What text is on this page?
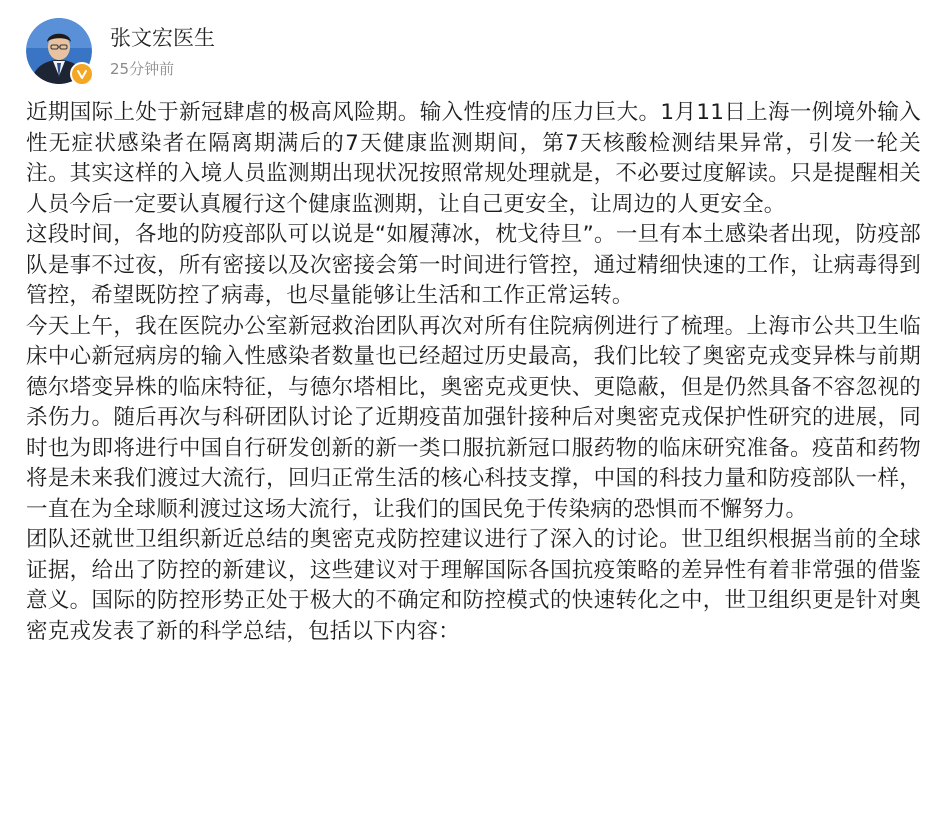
张文宏医生
25分钟前

近期国际上处于新冠肆虐的极高风险期。输入性疫情的压力巨大。1月11日上海一例境外输入性无症状感染者在隔离期满后的7天健康监测期间，第7天核酸检测结果异常，引发一轮关注。其实这样的入境人员监测期出现状况按照常规处理就是，不必要过度解读。只是提醒相关人员今后一定要认真履行这个健康监测期，让自己更安全，让周边的人更安全。

这段时间，各地的防疫部队可以说是“如履薄冰，枕戈待旦”。一旦有本土感染者出现，防疫部队是事不过夜，所有密接以及次密接会第一时间进行管控，通过精细快速的工作，让病毒得到管控，希望既防控了病毒，也尽量能够让生活和工作正常运转。

今天上午，我在医院办公室新冠救治团队再次对所有住院病例进行了梳理。上海市公共卫生临床中心新冠病房的输入性感染者数量也已经超过历史最高，我们比较了奥密克戎变异株与前期德尔塔变异株的临床特征，与德尔塔相比，奥密克戎更快、更隐蔽，但是仍然具备不容忽视的杀伤力。随后再次与科研团队讨论了近期疫苗加强针接种后对奥密克戎保护性研究的进展，同时也为即将进行中国自行研发创新的新一类口服抗新冠口服药物的临床研究准备。疫苗和药物将是未来我们渡过大流行，回归正常生活的核心科技支撑，中国的科技力量和防疫部队一样，一直在为全球顺利渡过这场大流行，让我们的国民免于传染病的恐惧而不懈努力。

团队还就世卫组织新近总结的奥密克戎防控建议进行了深入的讨论。世卫组织根据当前的全球证据，给出了防控的新建议，这些建议对于理解国际各国抗疫策略的差异性有着非常强的借鉴意义。国际的防控形势正处于极大的不确定和防控模式的快速转化之中，世卫组织更是针对奥密克戎发表了新的科学总结，包括以下内容：
